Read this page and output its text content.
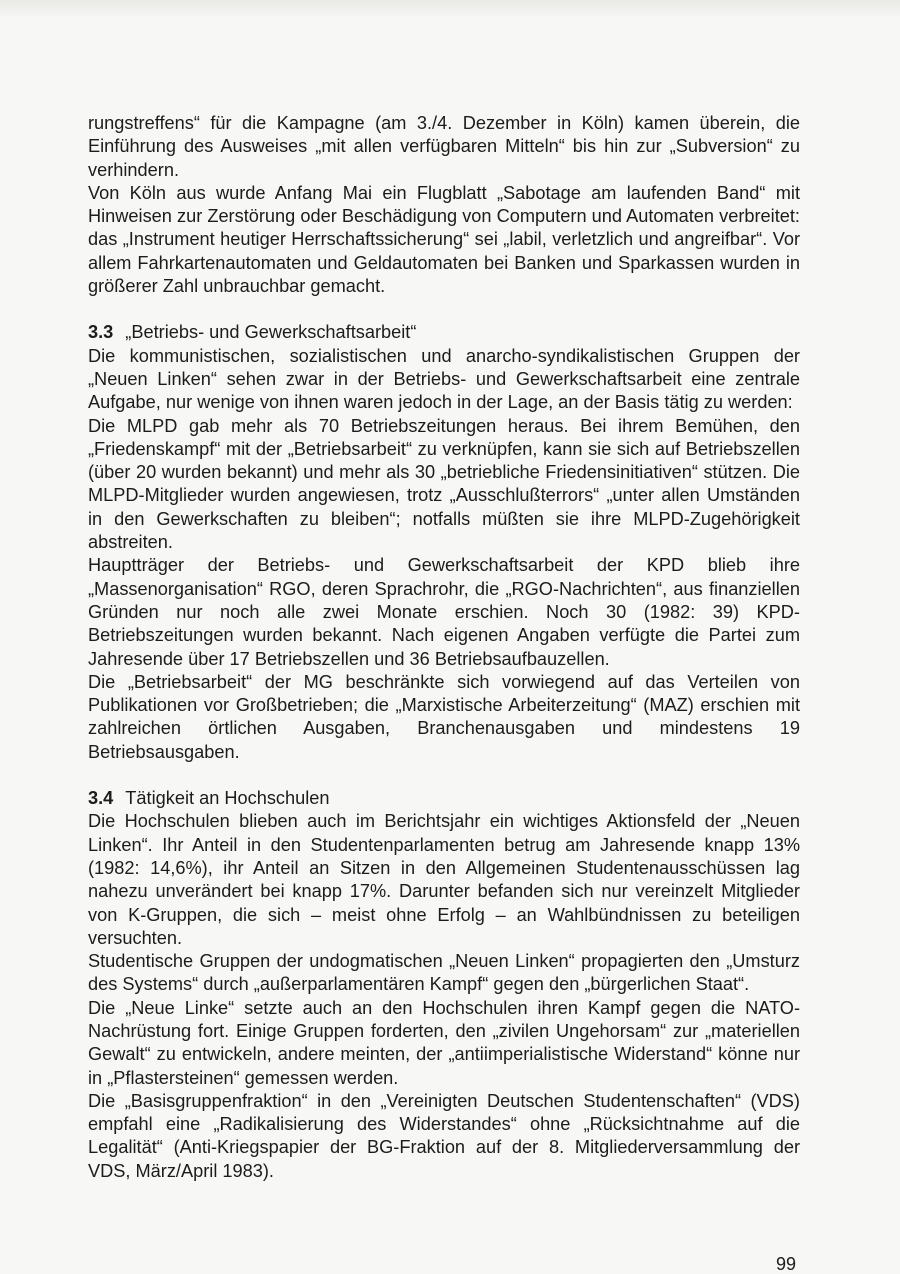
rungstreffens“ für die Kampagne (am 3./4. Dezember in Köln) kamen überein, die Einführung des Ausweises „mit allen verfügbaren Mitteln“ bis hin zur „Subversion“ zu verhindern.

Von Köln aus wurde Anfang Mai ein Flugblatt „Sabotage am laufenden Band“ mit Hinweisen zur Zerstörung oder Beschädigung von Computern und Automaten verbreitet: das „Instrument heutiger Herrschaftssicherung“ sei „labil, verletzlich und angreifbar“. Vor allem Fahrkartenautomaten und Geldautomaten bei Banken und Sparkassen wurden in größerer Zahl unbrauchbar gemacht.

3.3 „Betriebs- und Gewerkschaftsarbeit“

Die kommunistischen, sozialistischen und anarcho-syndikalistischen Gruppen der „Neuen Linken“ sehen zwar in der Betriebs- und Gewerkschaftsarbeit eine zentrale Aufgabe, nur wenige von ihnen waren jedoch in der Lage, an der Basis tätig zu werden:

Die MLPD gab mehr als 70 Betriebszeitungen heraus. Bei ihrem Bemühen, den „Friedenskampf“ mit der „Betriebsarbeit“ zu verknüpfen, kann sie sich auf Betriebszellen (über 20 wurden bekannt) und mehr als 30 „betriebliche Friedensinitiativen“ stützen. Die MLPD-Mitglieder wurden angewiesen, trotz „Ausschlußterrors“ „unter allen Umständen in den Gewerkschaften zu bleiben“; notfalls müßten sie ihre MLPD-Zugehörigkeit abstreiten.

Hauptträger der Betriebs- und Gewerkschaftsarbeit der KPD blieb ihre „Massenorganisation“ RGO, deren Sprachrohr, die „RGO-Nachrichten“, aus finanziellen Gründen nur noch alle zwei Monate erschien. Noch 30 (1982: 39) KPD-Betriebszeitungen wurden bekannt. Nach eigenen Angaben verfügte die Partei zum Jahresende über 17 Betriebszellen und 36 Betriebsaufbauzellen.

Die „Betriebsarbeit“ der MG beschränkte sich vorwiegend auf das Verteilen von Publikationen vor Großbetrieben; die „Marxistische Arbeiterzeitung“ (MAZ) erschien mit zahlreichen örtlichen Ausgaben, Branchenausgaben und mindestens 19 Betriebsausgaben.

3.4 Tätigkeit an Hochschulen

Die Hochschulen blieben auch im Berichtsjahr ein wichtiges Aktionsfeld der „Neuen Linken“. Ihr Anteil in den Studentenparlamenten betrug am Jahresende knapp 13% (1982: 14,6%), ihr Anteil an Sitzen in den Allgemeinen Studentenausschüssen lag nahezu unverändert bei knapp 17%. Darunter befanden sich nur vereinzelt Mitglieder von K-Gruppen, die sich – meist ohne Erfolg – an Wahlbündnissen zu beteiligen versuchten.

Studentische Gruppen der undogmatischen „Neuen Linken“ propagierten den „Umsturz des Systems“ durch „außerparlamentären Kampf“ gegen den „bürgerlichen Staat“.

Die „Neue Linke“ setzte auch an den Hochschulen ihren Kampf gegen die NATO-Nachrüstung fort. Einige Gruppen forderten, den „zivilen Ungehorsam“ zur „materiellen Gewalt“ zu entwickeln, andere meinten, der „antiimperialistische Widerstand“ könne nur in „Pflastersteinen“ gemessen werden.

Die „Basisgruppenfraktion“ in den „Vereinigten Deutschen Studentenschaften“ (VDS) empfahl eine „Radikalisierung des Widerstandes“ ohne „Rücksichtnahme auf die Legalität“ (Anti-Kriegspapier der BG-Fraktion auf der 8. Mitgliederversammlung der VDS, März/April 1983).

99
